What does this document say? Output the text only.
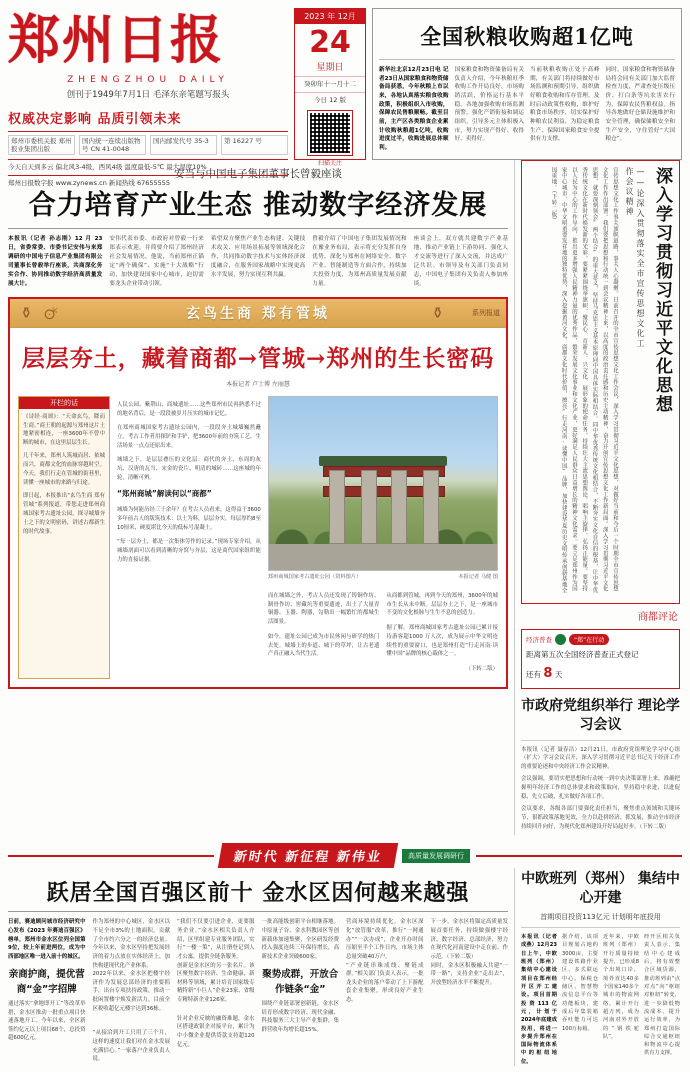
郑州日报
ZHENGZHOU DAILY
创刊于1949年7月1日 毛泽东亲笔题写报头
权威决定影响 品质引领未来
郑州市委机关报 郑州报业集团出版
国内统一连续出版物号 CN 41-0048
国内邮发代号 35-3	第 16227 号
今天自天到多云 偏北风3-4级，西风4级 温度最低-5℃ 最大湿度10%
郑州日报数字报 www.zynews.cn 新闻热线 67655555
2023 年 12月
24
星期日
癸卯年十一月十二
今日 12 版
扫描关注
全国秋粮收购超1亿吨
新华社北京12月23日电 记者23日从国家粮食和物资储备局获悉，今年秋粮上市以来，各地认真落实粮食收购政策，积极组织入市收购，保障农民售粮顺畅。截至目前，主产区各类粮食企业累计收购秋粮超1亿吨，收购进度过半，收购进展总体顺利。
国家粮食和物资储备局有关负责人介绍，今年秋粮旺季收购工作开局良好，市场购销活跃，价格运行基本平稳。各地加强收购市场监测预警，强化产销衔接和调运组织，引导多元主体积极入市，努力实现产得好、收得好、卖得好。
当前秋粮收购正处于高峰期，有关部门将持续做好市场监测和预期引导，组织做好粮食收购和库存管理，及时启动政策性收购，维护好粮食市场秩序，切实保护好种粮农民利益，为稳定粮食生产、保障国家粮食安全提供有力支撑。
同时，国家粮食和物资储备局将会同有关部门加大监督检查力度，严肃查处压级压价、打白条等坑农害农行为，保障农民售粮权益。指导各地做好仓储设施维护和安全管理，确保储粮安全和生产安全，守住管好“大国粮仓”。
安当与中国电子集团董事长曾毅座谈
合力培育产业生态 推动数字经济发展
本报讯（记者 孙志刚）12 月 23 日，省委常委、市委书记安伟与来郑调研的中国电子信息产业集团有限公司董事长曾毅举行座谈，共商深化务实合作、协同推动数字经济高质量发展大计。
安伟代表市委、市政府对曾毅一行来郑表示欢迎，并简要介绍了郑州经济社会发展情况。他说，当前郑州正锚定“两个确保”、实施“十大战略”行动，加快建设国家中心城市，迫切需要龙头企业带动引领。
希望双方聚焦产业生态构建、关键技术攻关、应用场景拓展等领域深化合作，共同推动数字技术与实体经济深度融合，在服务国家战略中实现更高水平发展，努力实现互利共赢。
曾毅介绍了中国电子集团发展情况和在豫业务布局，表示将充分发挥自身优势，深化与郑州在网络安全、数字产业、智能制造等方面合作，持续加大投资力度，为郑州高质量发展贡献力量。
座谈会上，双方就共建数字产业基地、推动产业链上下游协同、强化人才交流等进行了深入交流，并达成广泛共识。市领导及有关部门负责同志，中国电子集团有关负责人参加座谈。
⚱ 🜚	玄鸟生商 郑有管城	⚱	系列报道
层层夯土，藏着商都→管城→郑州的生长密码
本报记者 卢士博 左丽慧
开栏的话

《诗经·商颂》：“天命玄鸟，降而生商。”商王朝的起源与郑州这片土地紧密相连，一座3600年不曾中断的城市，在这里层层生长。

几千年来，郑州人筑城而居、依城而兴，商都文化的血脉穿越时空。今天，我们行走在管城的街巷里，读懂一座城市的来路与归途。

即日起，本报推出“玄鸟生商 郑有管城”系列报道，带您走进郑州商城国家考古遗址公园，探寻城墙夯土之下的文明密码，讲述古都新生的时代故事。

人民公园、紫荆山、商城遗址……这些郑州市民再熟悉不过的地名背后，是一段段被岁月压实的城市记忆。

在郑州商城国家考古遗址公园内，一段段夯土城墙巍然矗立。考古工作者用探铲和手铲，把3600年前的夯筑工艺、生活场景一点点还原出来。

城墙之下，是层层叠压的文化层：商代的夯土、东周的灰坑、汉唐的瓦当、宋金的瓷片、明清的城砖……这座城的年轮，清晰可辨。

“郑州商城”解读何以“商都”

城墙为何能历经三千余年？在考古人员看来，这得益于3600多年前古人的版筑技术：以土为料，层层夯实，每层厚约8至10厘米，硬度堪比今天的低标号混凝土。

“每一层夯土，都是一次集体劳作的记录。”现场专家介绍，从城墙剖面可以看到清晰的夯窝与夯层，这是商代国家组织能力的直接证据。

郑州商城国家考古遗址公园（资料图片）	本报记者 马健 图

而在城墙之外，考古人员还发现了铸铜作坊、制骨作坊、窖藏坑等重要遗迹，出土了大量青铜器、玉器、陶器，勾勒出一幅繁忙的都城生活图景。

如今，遗址公园已成为市民休闲与研学的热门去处。城墙上的步道、城下的草坪，让古老遗产真正融入当代生活。

从商都到管城，再到今天的郑州，3600年的城市生长从未中断。层层夯土之下，是一座城市不变的文化根脉与生生不息的创造力。

据了解，郑州商城国家考古遗址公园已累计接待游客超1000 万人次，成为展示中华文明连续性的重要窗口，也是郑州打造“行走河南·读懂中国”品牌的核心载体之一。

（下转二版）

宣传思想文化工作事关旗帜道路，事关人心凝聚。日前召开的全市宣传思想文化工作会议，深入学习贯彻习近平文化思想，对做好当前和今后一个时期全市宣传思想文化工作作出部署。我们要把思想和行动统一到会议精神上来，以高度的政治责任感和历史主动精神，奋力开创宣传思想文化工作新局面。深入学习贯彻习近平文化思想，就要深刻领会“两个结合”的重大意义，坚持马克思主义基本原理同中国具体实际相结合、同中华优秀传统文化相结合，不断夯实文化自信的根基，让中华优秀传统文化在新时代焕发新的光彩。要紧紧围绕举旗帜、聚民心、育新人、兴文化、展形象的使命任务，持续壮大主流思想舆论，唱响主旋律、弘扬正能量。要坚持以人民为中心的工作导向，推出更多增强人民精神力量的优秀作品，繁荣发展文化事业和文化产业，更好满足人民群众日益增长的精神文化需求。要立足郑州作为国家中心城市、中华文明重要发祥地的独特优势，深入挖掘黄河文化、商都文化时代价值，擦亮“行走河南·读懂中国”品牌，加快建设华夏历史文明传承创新基地全国重地。（下转二版）	——论深入贯彻落实全市宣传思想文化工作会议精神	深入学习贯彻习近平文化思想
商都评论
经济普查	“郑”在行动
距离第五次全国经济普查正式登记
还有 8 天
市政府党组织举行 理论学习会议

本报讯（记者 聂春洁）12月21日，市政府党组理论学习中心组（扩大）学习会议召开，深入学习贯彻习近平总书记关于经济工作的重要论述和中央经济工作会议精神。

会议强调，要切实把思想和行动统一到中央决策部署上来，准确把握明年经济工作的总体要求和政策取向，坚持稳中求进、以进促稳、先立后破，扎实做好各项工作。

会议要求，各级各部门要强化责任担当，聚焦重点领域和关键环节，狠抓政策落地见效，全力以赴拼经济、抓发展，推动全市经济持续回升向好，为现代化郑州建设开好局起好步。（下转二版）

新时代 新征程 新伟业	高质量发展调研行
跃居全国百强区前十 金水区因何越来越强
日前，赛迪顾问城市经济研究中心发布《2023 年赛迪百强区》榜单，郑州市金水区位列全国第9位，较上年前进两位，成为中西部地区唯一进入前十的城区。
亲商护商，提优营商“金”字招牌
通过落实“拿地即开工”等改革举措，金水区推动一批重点项目快速落地开工。今年以来，全区新签约亿元以上项目68个，总投资超600亿元。
作为郑州的中心城区，金水区以不足全市3%的土地面积，贡献了全市约六分之一的经济总量。今年以来，金水区坚持把发展经济的着力点放在实体经济上，加快构建现代化产业体系。
2022年以来，金水区把楼宇经济作为发展总部经济的重要抓手，出台专项扶持政策，推动一批闲置楼宇焕发新活力。目前全区税收超亿元楼宇达到36栋。
“从接洽到开工只用了三个月，这样的速度让我们对在金水发展充满信心。”一家落户企业负责人说。
“我们不仅要引进企业，更要服务企业。”金水区相关负责人介绍，区里组建专业服务团队，实行“一楼一策”，从注册登记到人才公寓，提供全链条服务。
创新是金水区的另一张名片。该区聚焦数字经济、生命健康、新材料等领域，累计培育国家级专精特新“小巨人”企业23家、省级专精特新企业126家。
针对企业反映的融资难题，金水区搭建政银企对接平台，累计为中小微企业提供贷款支持超120亿元。
一批高能级创新平台相继落地。中原量子谷、金水科教园区等创新载体加速集聚，全区研发经费投入强度连续三年保持增长，高新技术企业突破600家。
聚势成群，开放合作链条“金”
围绕产业链部署创新链，金水区培育形成数字经济、现代金融、科技服务三大主导产业集群，集群营收年均增长超15%。
营商环境持续优化。金水区深化“放管服”改革，推行“一网通办”“一次办成”，企业开办时间压缩至半个工作日内，市场主体总量突破40万户。
“产业链串珠成线、聚链成群。”相关部门负责人表示，一批龙头企业的落户带动了上下游配套企业集聚，形成良好产业生态。
下一步，金水区将锚定高质量发展首要任务，持续做强楼宇经济、数字经济、总部经济，努力在现代化河南建设中走在前、作示范。（下转二版）
同时，金水区积极融入共建“一带一路”，支持企业“走出去”，开放型经济水平不断提升。
中欧班列（郑州） 集结中心开建
首期项目投资113亿元 计划明年底投用
本报讯（记者 成燕）12月23日上午，中欧班列（郑州）集结中心建设项目在郑州经开区开工建设。项目首期投资113亿元，计划于2024年底建成投用，将进一步提升郑州在国际物流体系中的枢纽地位。
据介绍，该项目规划占地约3000亩，主要建设铁路作业区、多式联运中心、保税仓储区、智慧物流信息平台等功能板块，建成后年集装箱吞吐能力可达100万标箱。
近年来，中欧班列（郑州）开行质量持续提升，已形成8个出境口岸、境外直达40多个国家140多个城市的物流网络，累计开行超万列，成为河南对外开放的“钢铁驼队”。
经开区相关负责人表示，集结中心建成后，将有效整合区域货源，推动班列由“点对点”向“枢纽对枢纽”转变，进一步降低物流成本、提升运行效率，为郑州打造国际综合交通枢纽和物流中心提供有力支撑。
